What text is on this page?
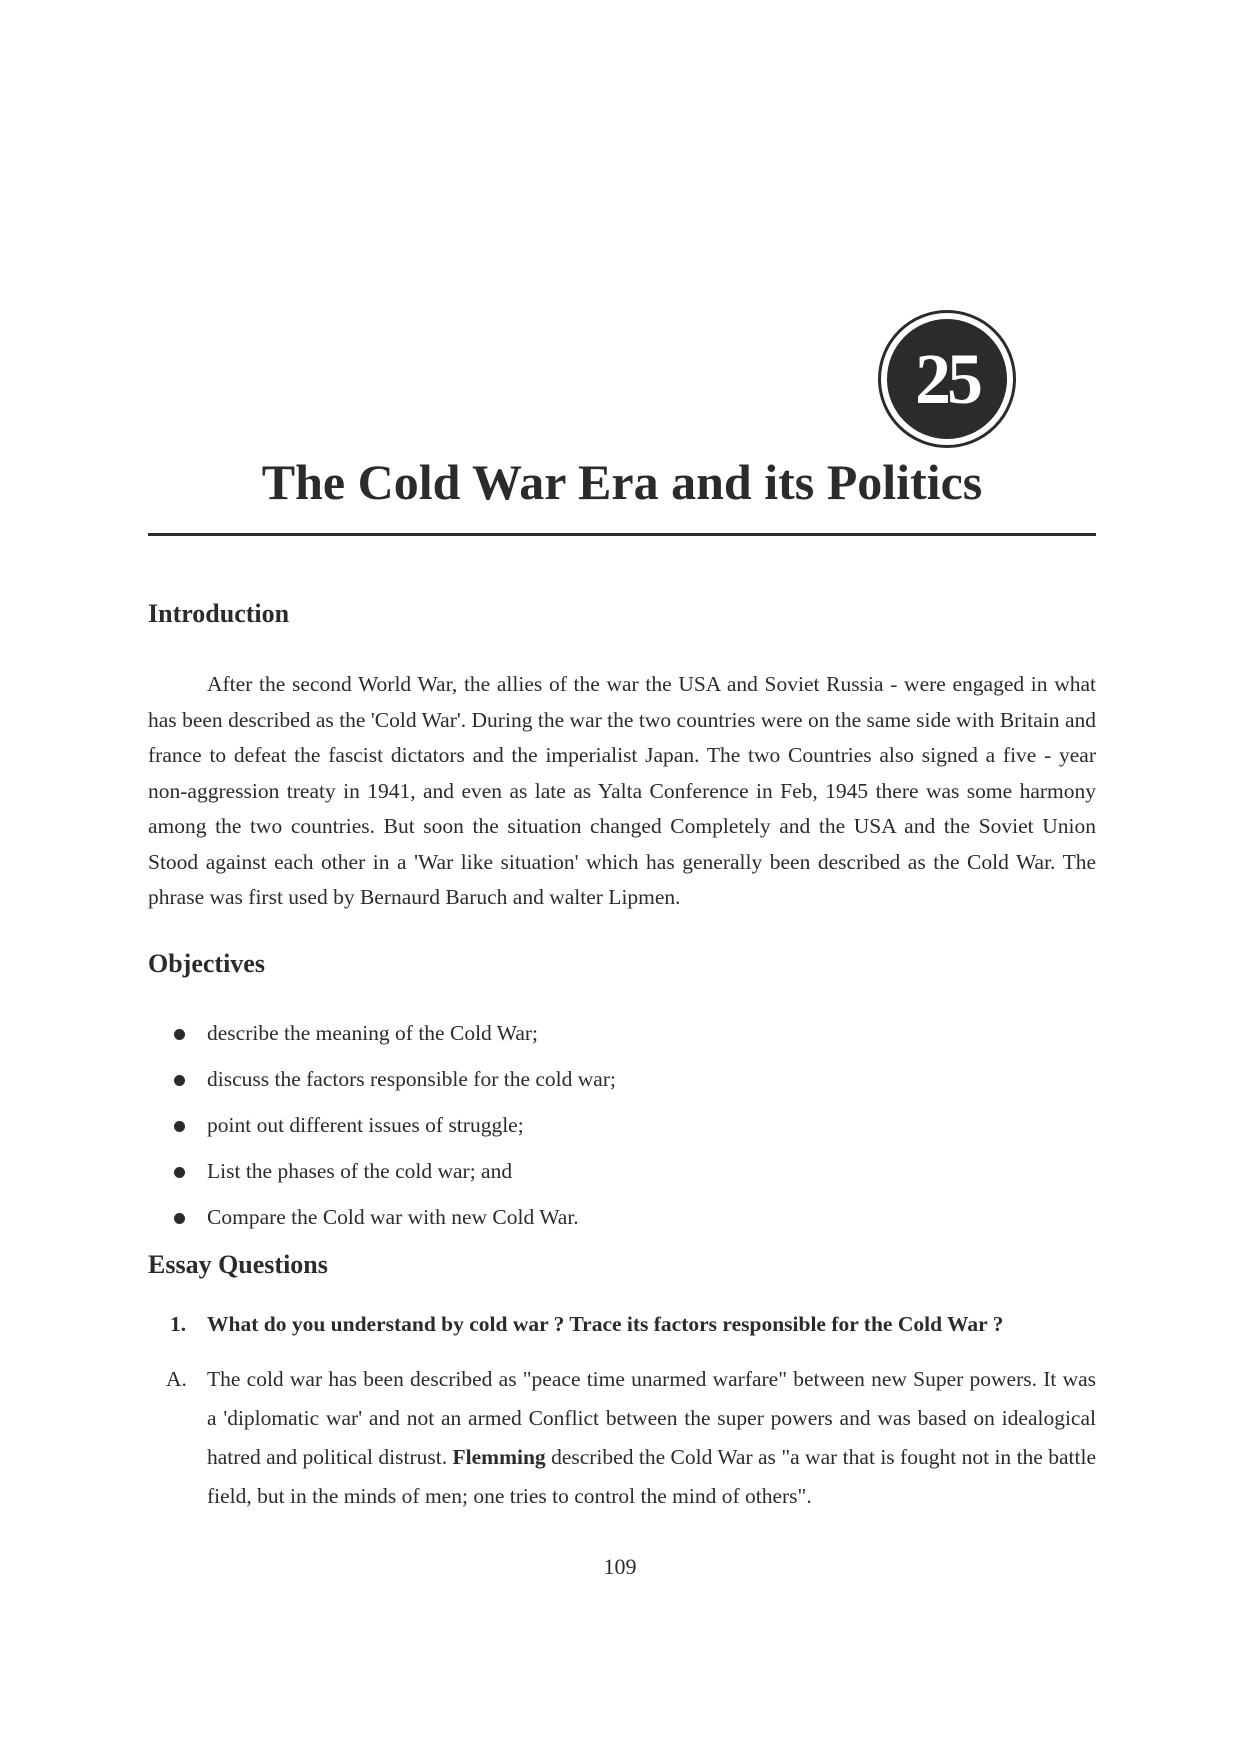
25
The Cold War Era and its Politics
Introduction

After the second World War, the allies of the war the USA and Soviet Russia - were engaged in what has been described as the 'Cold War'. During the war the two countries were on the same side with Britain and france to defeat the fascist dictators and the imperialist Japan. The two Countries also signed a five - year non-aggression treaty in 1941, and even as late as Yalta Conference in Feb, 1945 there was some harmony among the two countries. But soon the situation changed Completely and the USA and the Soviet Union Stood against each other in a 'War like situation' which has generally been described as the Cold War. The phrase was first used by Bernaurd Baruch and walter Lipmen.

Objectives
describe the meaning of the Cold War;
discuss the factors responsible for the cold war;
point out different issues of struggle;
List the phases of the cold war; and
Compare the Cold war with new Cold War.
Essay Questions

1. What do you understand by cold war ? Trace its factors responsible for the Cold War ?

A. The cold war has been described as "peace time unarmed warfare" between new Super powers. It was a 'diplomatic war' and not an armed Conflict between the super powers and was based on idealogical hatred and political distrust. Flemming described the Cold War as "a war that is fought not in the battle field, but in the minds of men; one tries to control the mind of others".

109
